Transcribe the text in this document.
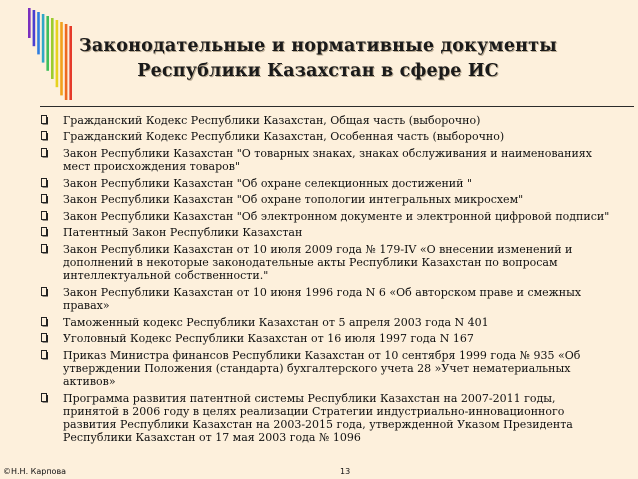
Законодательные и нормативные документы
Республики Казахстан в сфере ИС
Гражданский Кодекс Республики Казахстан, Общая часть (выборочно)
Гражданский Кодекс Республики Казахстан, Особенная часть (выборочно)
Закон Республики Казахстан "О товарных знаках, знаках обслуживания и наименованиях мест происхождения товаров"
Закон Республики Казахстан "Об охране селекционных достижений "
Закон Республики Казахстан "Об охране топологии интегральных микросхем"
Закон Республики Казахстан "Об электронном документе и электронной цифровой подписи"
Патентный Закон Республики Казахстан
Закон Республики Казахстан от 10 июля 2009 года № 179-IV «О внесении изменений и дополнений в некоторые законодательные акты Республики Казахстан по вопросам интеллектуальной собственности."
Закон Республики Казахстан от 10 июня 1996 года N 6 «Об авторском праве и смежных правах»
Таможенный кодекс Республики Казахстан от 5 апреля 2003 года N 401
Уголовный Кодекс Республики Казахстан от 16 июля 1997 года N 167
Приказ Министра финансов Республики Казахстан от 10 сентября 1999 года № 935 «Об утверждении Положения (стандарта) бухгалтерского учета 28 »Учет нематериальных активов»
Программа развития патентной системы Республики Казахстан на 2007-2011 годы, принятой в 2006 году в целях реализации Стратегии индустриально-инновационного развития Республики Казахстан на 2003-2015 года, утвержденной Указом Президента Республики Казахстан от 17 мая 2003 года № 1096
©Н.Н. Карпова	13
